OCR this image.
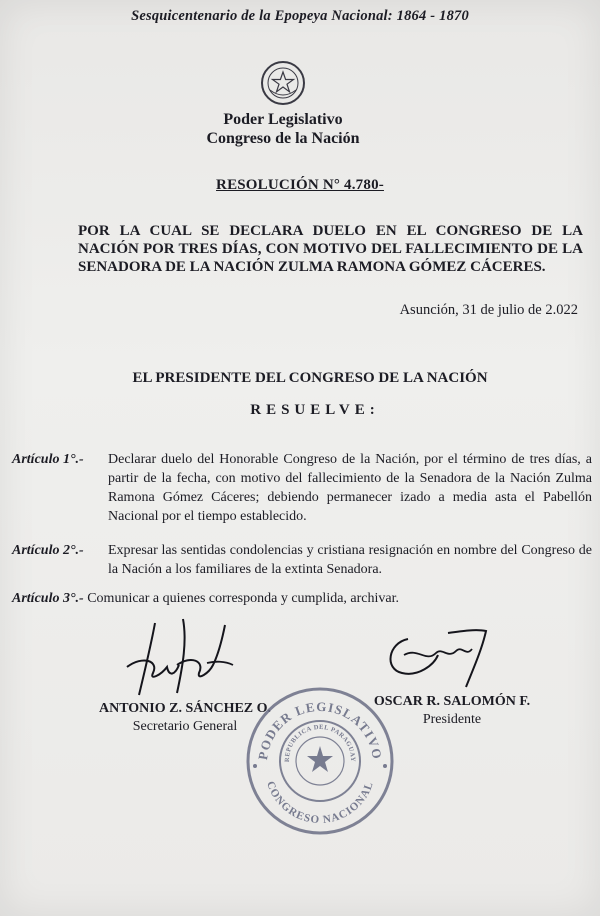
Sesquicentenario de la Epopeya Nacional: 1864 - 1870
Poder Legislativo
Congreso de la Nación
RESOLUCIÓN N° 4.780-
POR LA CUAL SE DECLARA DUELO EN EL CONGRESO DE LA NACIÓN POR TRES DÍAS, CON MOTIVO DEL FALLECIMIENTO DE LA SENADORA DE LA NACIÓN ZULMA RAMONA GÓMEZ CÁCERES.
Asunción, 31 de julio de 2.022
EL PRESIDENTE DEL CONGRESO DE LA NACIÓN
RESUELVE:
Artículo 1°.- Declarar duelo del Honorable Congreso de la Nación, por el término de tres días, a partir de la fecha, con motivo del fallecimiento de la Senadora de la Nación Zulma Ramona Gómez Cáceres; debiendo permanecer izado a media asta el Pabellón Nacional por el tiempo establecido.
Artículo 2°.- Expresar las sentidas condolencias y cristiana resignación en nombre del Congreso de la Nación a los familiares de la extinta Senadora.
Artículo 3°.- Comunicar a quienes corresponda y cumplida, archivar.
ANTONIO Z. SÁNCHEZ O.
Secretario General
OSCAR R. SALOMÓN F.
Presidente
PODER LEGISLATIVO
CONGRESO NACIONAL
REPUBLICA DEL PARAGUAY
